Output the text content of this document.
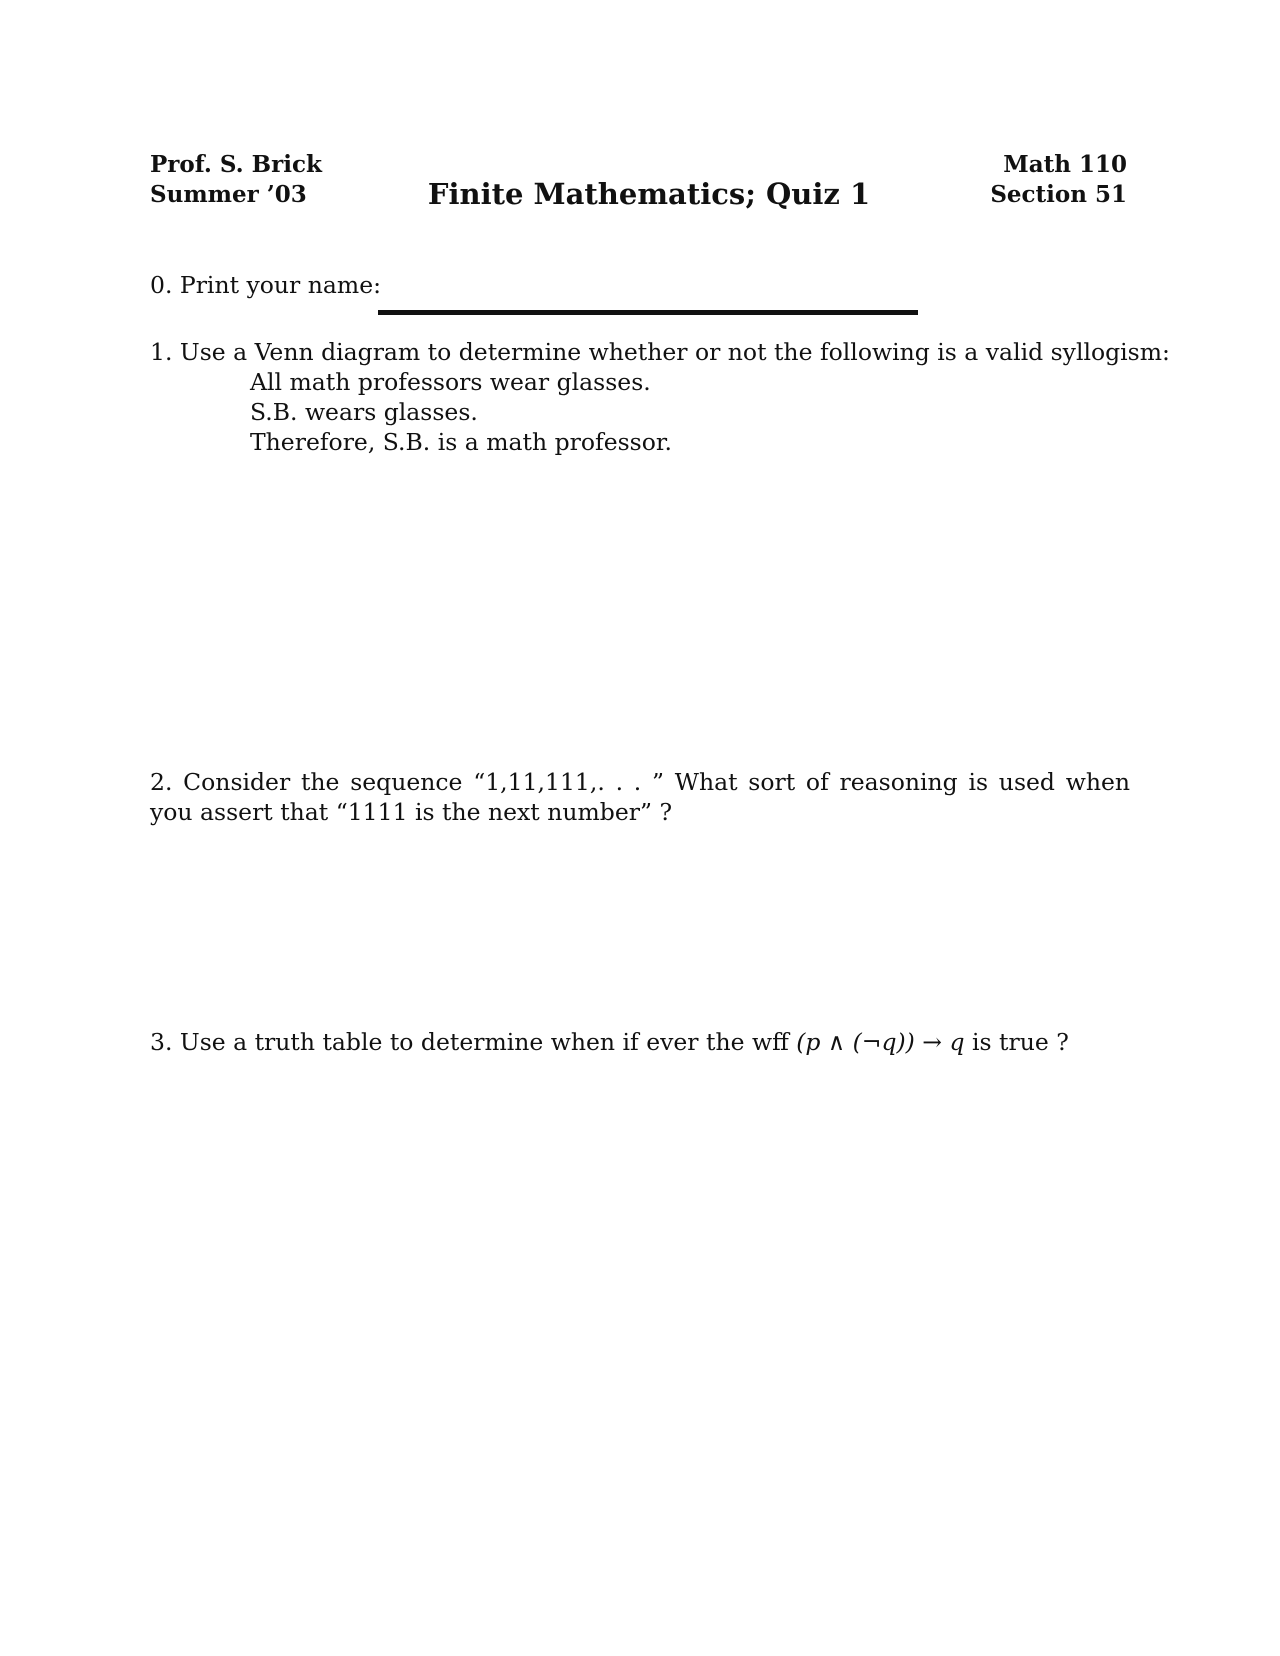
Prof. S. Brick
Summer ’03	Finite Mathematics; Quiz 1
Math 110
Section 51
0. Print your name:
1. Use a Venn diagram to determine whether or not the following is a valid syllogism:
All math professors wear glasses.
S.B. wears glasses.
Therefore, S.B. is a math professor.
2. Consider the sequence “1,11,111,. . . ” What sort of reasoning is used when you assert that “1111 is the next number” ?
3. Use a truth table to determine when if ever the wff (p ∧ (¬q)) → q is true ?
